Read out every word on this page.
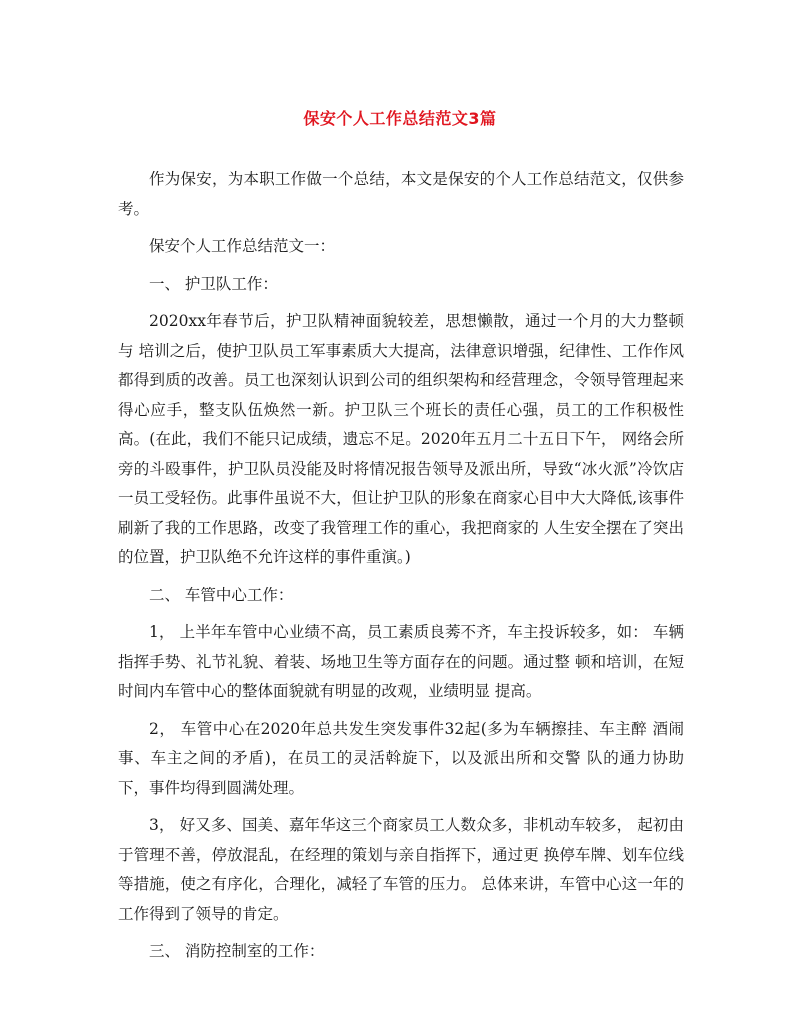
保安个人工作总结范文3篇

作为保安，为本职工作做一个总结，本文是保安的个人工作总结范文，仅供参考。

保安个人工作总结范文一：

一、 护卫队工作：

2020xx年春节后，护卫队精神面貌较差，思想懒散，通过一个月的大力整顿与 培训之后，使护卫队员工军事素质大大提高，法律意识增强，纪律性、工作作风都得到质的改善。员工也深刻认识到公司的组织架构和经营理念，令领导管理起来得心应手，整支队伍焕然一新。护卫队三个班长的责任心强，员工的工作积极性高。(在此，我们不能只记成绩，遗忘不足。2020年五月二十五日下午， 网络会所旁的斗殴事件，护卫队员没能及时将情况报告领导及派出所，导致“冰火派”冷饮店一员工受轻伤。此事件虽说不大，但让护卫队的形象在商家心目中大大降低,该事件刷新了我的工作思路，改变了我管理工作的重心，我把商家的 人生安全摆在了突出的位置，护卫队绝不允许这样的事件重演。)

二、 车管中心工作：

1， 上半年车管中心业绩不高，员工素质良莠不齐，车主投诉较多，如： 车辆指挥手势、礼节礼貌、着装、场地卫生等方面存在的问题。通过整 顿和培训，在短时间内车管中心的整体面貌就有明显的改观，业绩明显 提高。

2， 车管中心在2020年总共发生突发事件32起(多为车辆擦挂、车主醉 酒闹事、车主之间的矛盾)，在员工的灵活斡旋下，以及派出所和交警 队的通力协助下，事件均得到圆满处理。

3， 好又多、国美、嘉年华这三个商家员工人数众多，非机动车较多， 起初由于管理不善，停放混乱，在经理的策划与亲自指挥下，通过更 换停车牌、划车位线等措施，使之有序化，合理化，减轻了车管的压力。 总体来讲，车管中心这一年的工作得到了领导的肯定。

三、 消防控制室的工作：
